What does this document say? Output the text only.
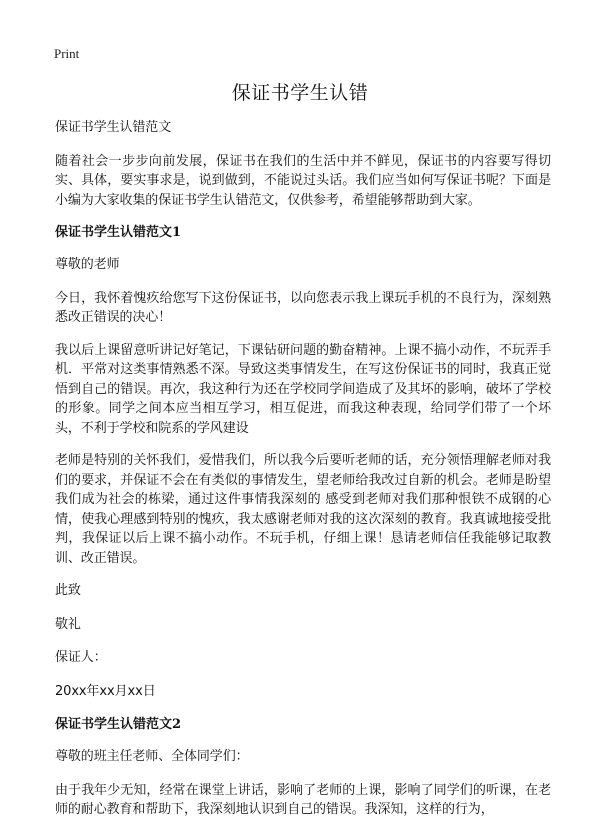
Print
保证书学生认错

保证书学生认错范文

随着社会一步步向前发展，保证书在我们的生活中并不鲜见，保证书的内容要写得切实、具体，要实事求是，说到做到，不能说过头话。我们应当如何写保证书呢？下面是小编为大家收集的保证书学生认错范文，仅供参考，希望能够帮助到大家。

保证书学生认错范文1

尊敬的老师

今日，我怀着愧疚给您写下这份保证书，以向您表示我上课玩手机的不良行为，深刻熟悉改正错误的决心！

我以后上课留意听讲记好笔记，下课钻研问题的勤奋精神。上课不搞小动作，不玩弄手机．平常对这类事情熟悉不深。导致这类事情发生，在写这份保证书的同时，我真正觉悟到自己的错误。再次，我这种行为还在学校同学间造成了及其坏的影响，破坏了学校的形象。同学之间本应当相互学习，相互促进，而我这种表现，给同学们带了一个坏头，不利于学校和院系的学风建设

老师是特别的关怀我们，爱惜我们，所以我今后要听老师的话，充分领悟理解老师对我们的要求，并保证不会在有类似的事情发生，望老师给我改过自新的机会。老师是盼望我们成为社会的栋梁，通过这件事情我深刻的 感受到老师对我们那种恨铁不成钢的心情，使我心理感到特别的愧疚，我太感谢老师对我的这次深刻的教育。我真诚地接受批判，我保证以后上课不搞小动作。不玩手机，仔细上课！恳请老师信任我能够记取教训、改正错误。

此致

敬礼

保证人：

20xx年xx月xx日

保证书学生认错范文2

尊敬的班主任老师、全体同学们：

由于我年少无知，经常在课堂上讲话，影响了老师的上课，影响了同学们的听课，在老师的耐心教育和帮助下，我深刻地认识到自己的错误。我深知，这样的行为，
